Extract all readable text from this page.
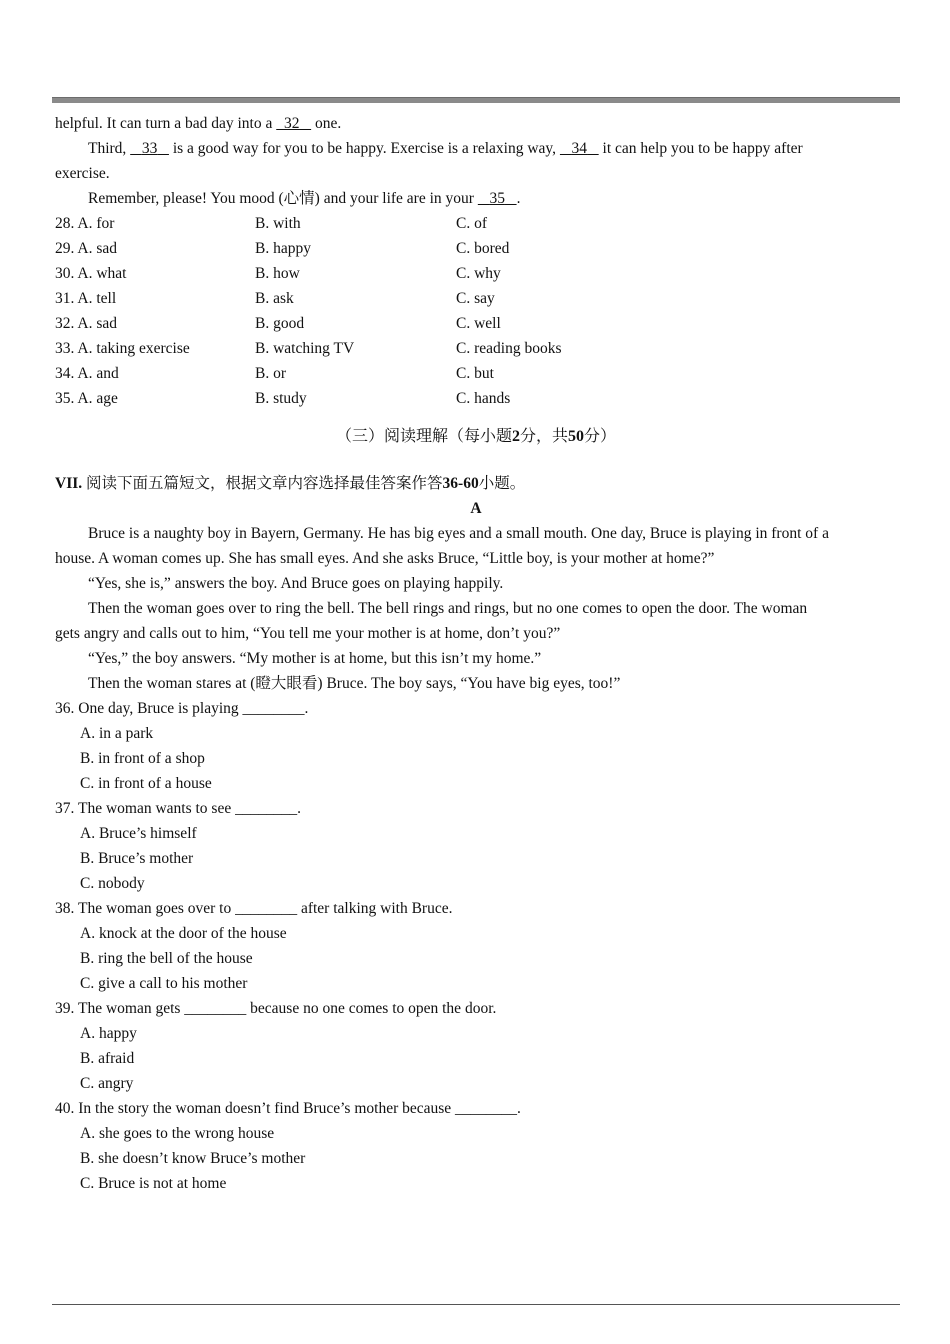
helpful. It can turn a bad day into a 32 one.
Third, 33 is a good way for you to be happy. Exercise is a relaxing way, 34 it can help you to be happy after
exercise.
Remember, please! You mood (心情) and your life are in your 35 .
28. A. for	B. with	C. of
29. A. sad	B. happy	C. bored
30. A. what	B. how	C. why
31. A. tell	B. ask	C. say
32. A. sad	B. good	C. well
33. A. taking exercise	B. watching TV	C. reading books
34. A. and	B. or	C. but
35. A. age	B. study	C. hands
（三）阅读理解（每小题2分，共50分）
VII. 阅读下面五篇短文，根据文章内容选择最佳答案作答36-60小题。
A
Bruce is a naughty boy in Bayern, Germany. He has big eyes and a small mouth. One day, Bruce is playing in front of a
house. A woman comes up. She has small eyes. And she asks Bruce, “Little boy, is your mother at home?”
“Yes, she is,” answers the boy. And Bruce goes on playing happily.
Then the woman goes over to ring the bell. The bell rings and rings, but no one comes to open the door. The woman
gets angry and calls out to him, “You tell me your mother is at home, don’t you?”
“Yes,” the boy answers. “My mother is at home, but this isn’t my home.”
Then the woman stares at (瞪大眼看) Bruce. The boy says, “You have big eyes, too!”
36. One day, Bruce is playing ________.
A. in a park
B. in front of a shop
C. in front of a house
37. The woman wants to see ________.
A. Bruce’s himself
B. Bruce’s mother
C. nobody
38. The woman goes over to ________ after talking with Bruce.
A. knock at the door of the house
B. ring the bell of the house
C. give a call to his mother
39. The woman gets ________ because no one comes to open the door.
A. happy
B. afraid
C. angry
40. In the story the woman doesn’t find Bruce’s mother because ________.
A. she goes to the wrong house
B. she doesn’t know Bruce’s mother
C. Bruce is not at home
